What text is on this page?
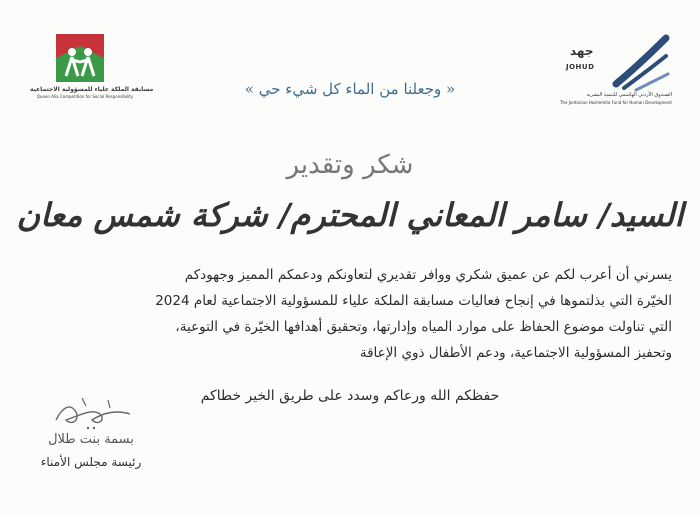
مسابقة الملكة علياء للمسؤولية الاجتماعية
Queen Alia Competition for Social Responsibility
جهد
JOHUD
الصندوق الأردني الهاشمي للتنمية البشرية
The Jordanian Hashemite Fund for Human Development
« وجعلنا من الماء كل شيء حي »
شكر وتقدير
السيد/ سامر المعاني المحترم/ شركة شمس معان
يسرني أن أعرب لكم عن عميق شكري ووافر تقديري لتعاونكم ودعمكم المميز وجهودكم
الخيّرة التي بذلتموها في إنجاح فعاليات مسابقة الملكة علياء للمسؤولية الاجتماعية لعام 2024
التي تناولت موضوع الحفاظ على موارد المياه وإدارتها، وتحقيق أهدافها الخيّرة في التوعية،
وتحفيز المسؤولية الاجتماعية، ودعم الأطفال ذوي الإعاقة
حفظكم الله ورعاكم وسدد على طريق الخير خطاكم
بسمة بنت طلال
رئيسة مجلس الأمناء
